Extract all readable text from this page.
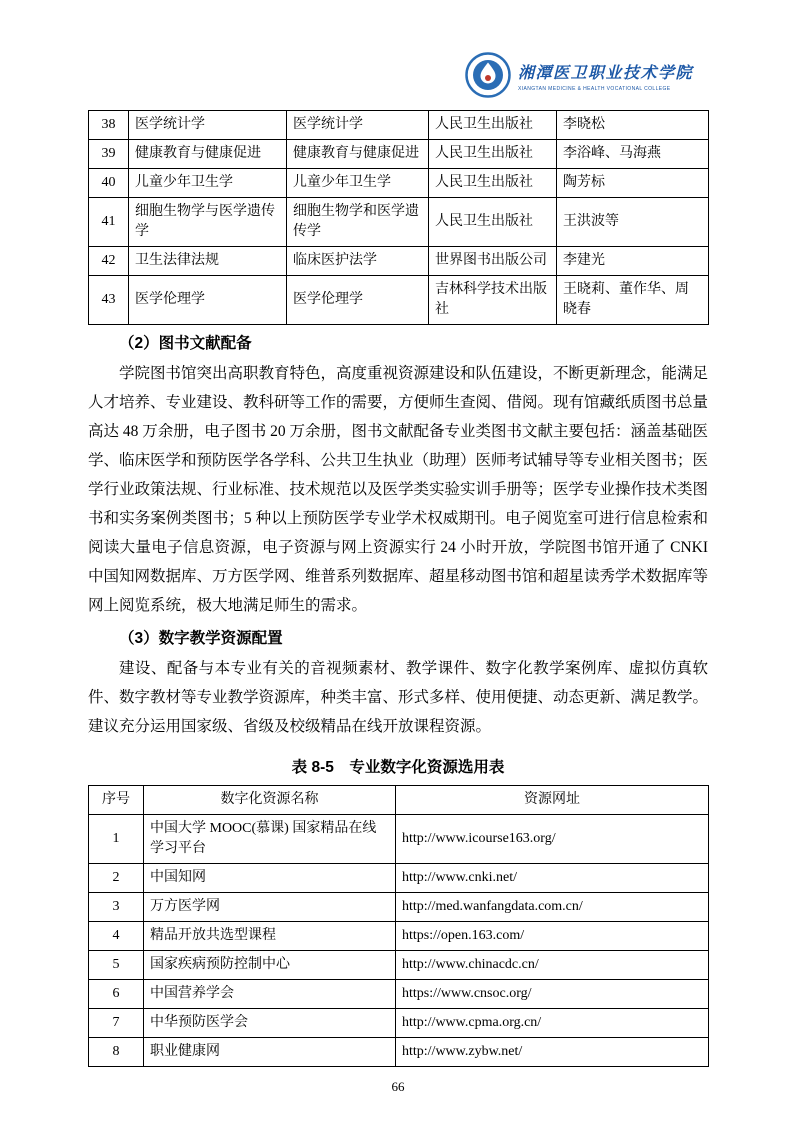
湘潭医卫职业技术学院
XIANGTAN MEDICINE & HEALTH VOCATIONAL COLLEGE
38	医学统计学	医学统计学	人民卫生出版社	李晓松
39	健康教育与健康促进	健康教育与健康促进	人民卫生出版社	李浴峰、马海燕
40	儿童少年卫生学	儿童少年卫生学	人民卫生出版社	陶芳标
41	细胞生物学与医学遗传学	细胞生物学和医学遗传学	人民卫生出版社	王洪波等
42	卫生法律法规	临床医护法学	世界图书出版公司	李建光
43	医学伦理学	医学伦理学	吉林科学技术出版社	王晓莉、董作华、周晓春
（2）图书文献配备

学院图书馆突出高职教育特色，高度重视资源建设和队伍建设，不断更新理念，能满足人才培养、专业建设、教科研等工作的需要，方便师生查阅、借阅。现有馆藏纸质图书总量高达 48 万余册，电子图书 20 万余册，图书文献配备专业类图书文献主要包括：涵盖基础医学、临床医学和预防医学各学科、公共卫生执业（助理）医师考试辅导等专业相关图书；医学行业政策法规、行业标准、技术规范以及医学类实验实训手册等；医学专业操作技术类图书和实务案例类图书；5 种以上预防医学专业学术权威期刊。电子阅览室可进行信息检索和阅读大量电子信息资源，电子资源与网上资源实行 24 小时开放，学院图书馆开通了 CNKI 中国知网数据库、万方医学网、维普系列数据库、超星移动图书馆和超星读秀学术数据库等网上阅览系统，极大地满足师生的需求。

（3）数字教学资源配置

建设、配备与本专业有关的音视频素材、教学课件、数字化教学案例库、虚拟仿真软件、数字教材等专业教学资源库，种类丰富、形式多样、使用便捷、动态更新、满足教学。建议充分运用国家级、省级及校级精品在线开放课程资源。

表 8-5　专业数字化资源选用表
序号	数字化资源名称	资源网址
1	中国大学 MOOC(慕课) 国家精品在线学习平台	http://www.icourse163.org/
2	中国知网	http://www.cnki.net/
3	万方医学网	http://med.wanfangdata.com.cn/
4	精品开放共选型课程	https://open.163.com/
5	国家疾病预防控制中心	http://www.chinacdc.cn/
6	中国营养学会	https://www.cnsoc.org/
7	中华预防医学会	http://www.cpma.org.cn/
8	职业健康网	http://www.zybw.net/
66
